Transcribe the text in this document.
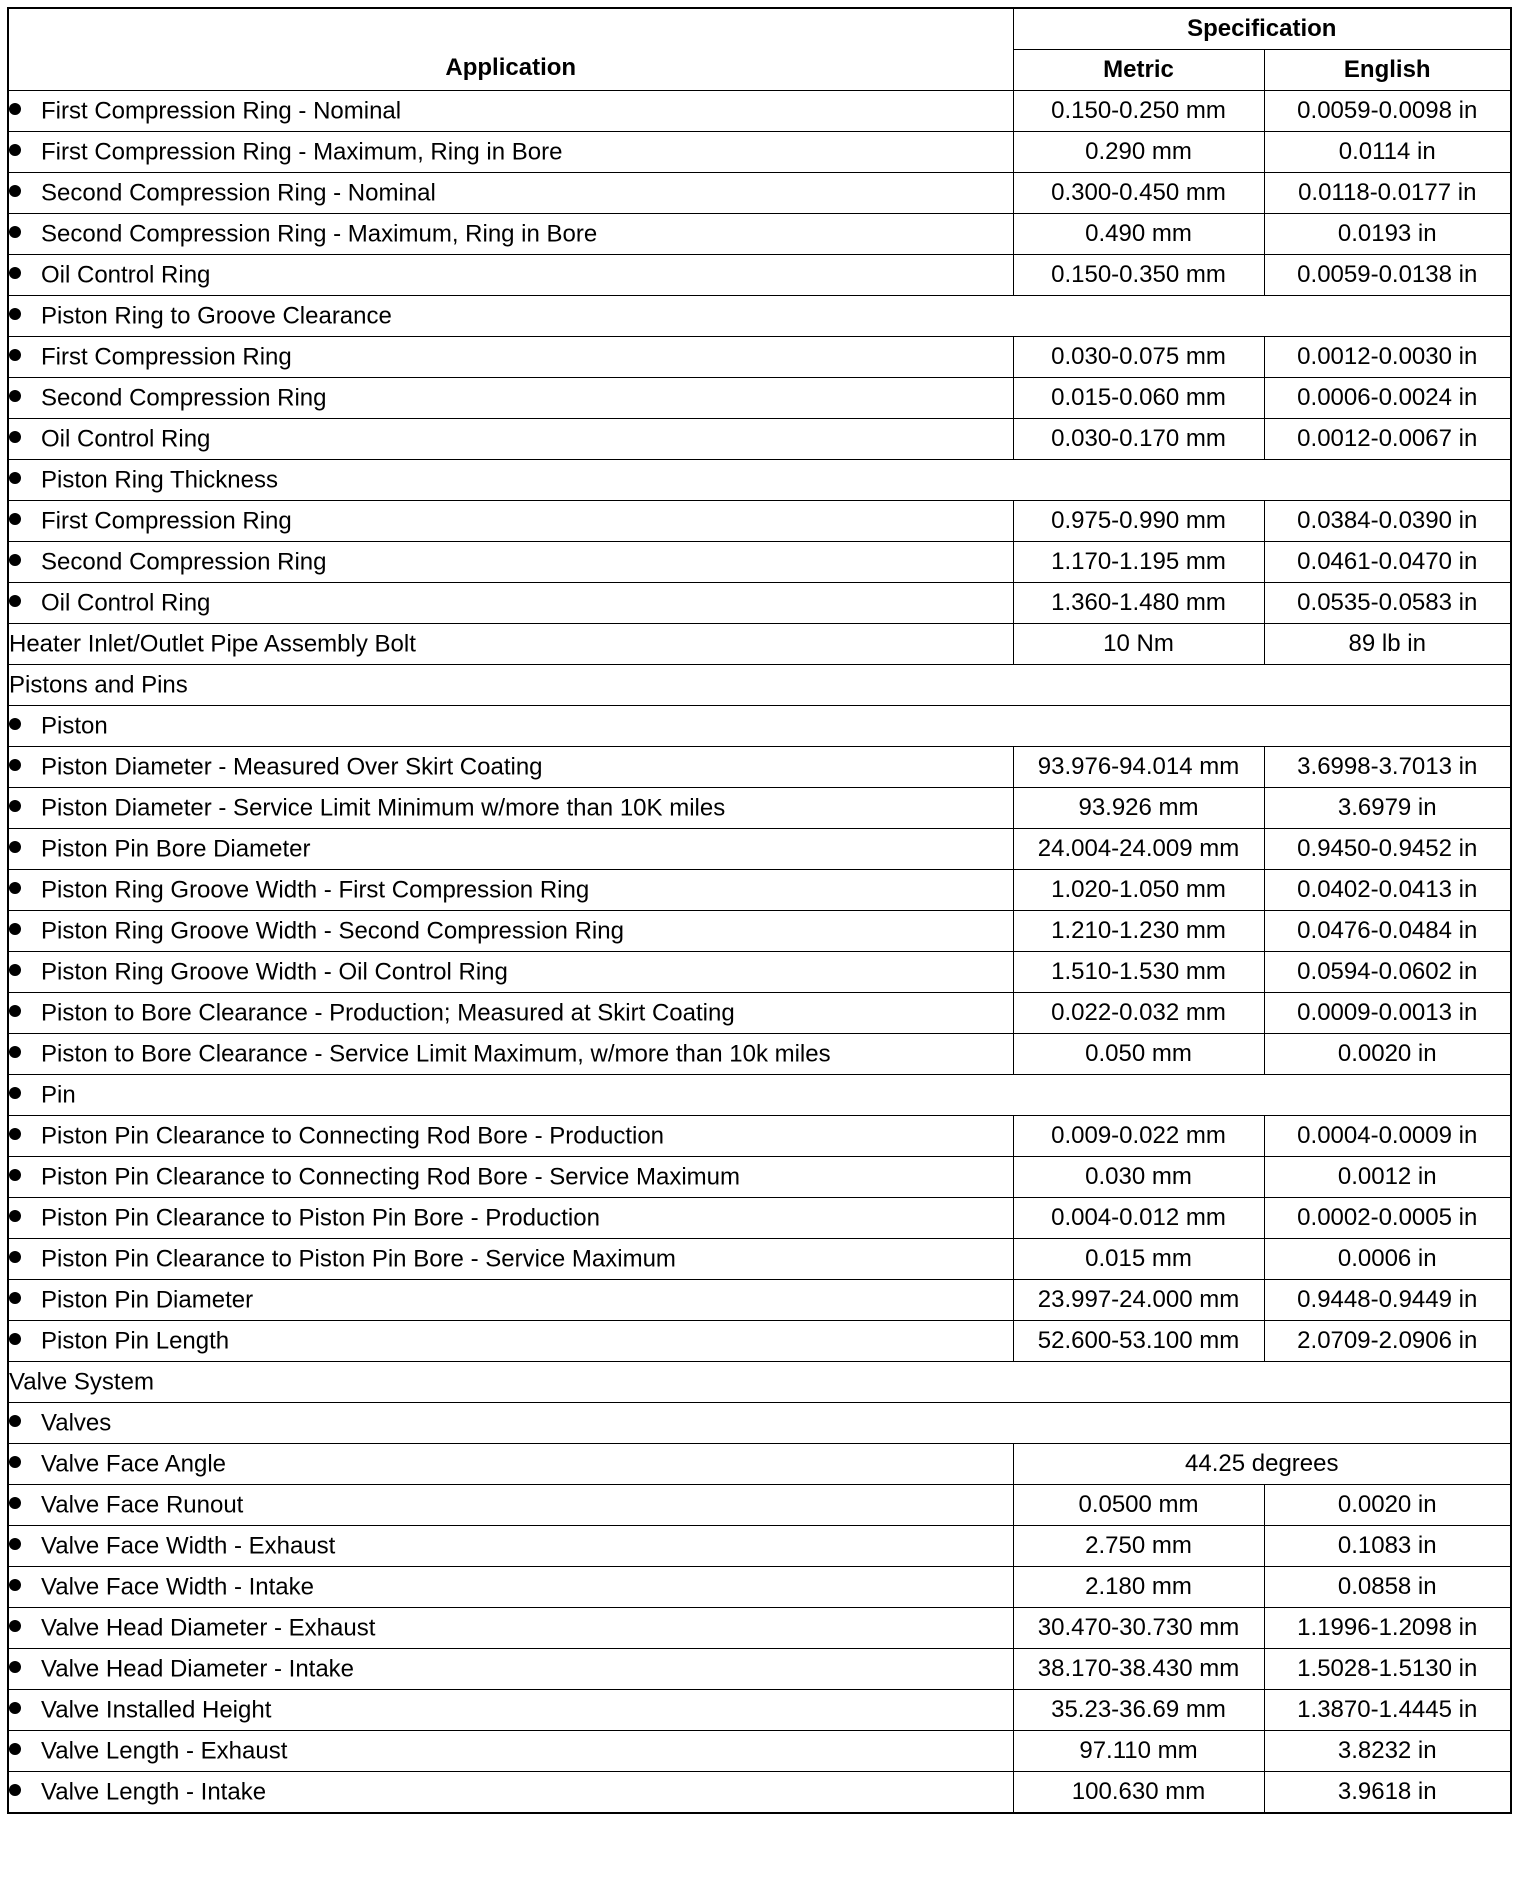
Application	Specification	
	Metric	English
First Compression Ring - Nominal	0.150-0.250 mm	0.0059-0.0098 in
First Compression Ring - Maximum, Ring in Bore	0.290 mm	0.0114 in
Second Compression Ring - Nominal	0.300-0.450 mm	0.0118-0.0177 in
Second Compression Ring - Maximum, Ring in Bore	0.490 mm	0.0193 in
Oil Control Ring	0.150-0.350 mm	0.0059-0.0138 in
Piston Ring to Groove Clearance		
First Compression Ring	0.030-0.075 mm	0.0012-0.0030 in
Second Compression Ring	0.015-0.060 mm	0.0006-0.0024 in
Oil Control Ring	0.030-0.170 mm	0.0012-0.0067 in
Piston Ring Thickness		
First Compression Ring	0.975-0.990 mm	0.0384-0.0390 in
Second Compression Ring	1.170-1.195 mm	0.0461-0.0470 in
Oil Control Ring	1.360-1.480 mm	0.0535-0.0583 in
Heater Inlet/Outlet Pipe Assembly Bolt	10 Nm	89 lb in
Pistons and Pins		
Piston		
Piston Diameter - Measured Over Skirt Coating	93.976-94.014 mm	3.6998-3.7013 in
Piston Diameter - Service Limit Minimum w/more than 10K miles	93.926 mm	3.6979 in
Piston Pin Bore Diameter	24.004-24.009 mm	0.9450-0.9452 in
Piston Ring Groove Width - First Compression Ring	1.020-1.050 mm	0.0402-0.0413 in
Piston Ring Groove Width - Second Compression Ring	1.210-1.230 mm	0.0476-0.0484 in
Piston Ring Groove Width - Oil Control Ring	1.510-1.530 mm	0.0594-0.0602 in
Piston to Bore Clearance - Production; Measured at Skirt Coating	0.022-0.032 mm	0.0009-0.0013 in
Piston to Bore Clearance - Service Limit Maximum, w/more than 10k miles	0.050 mm	0.0020 in
Pin		
Piston Pin Clearance to Connecting Rod Bore - Production	0.009-0.022 mm	0.0004-0.0009 in
Piston Pin Clearance to Connecting Rod Bore - Service Maximum	0.030 mm	0.0012 in
Piston Pin Clearance to Piston Pin Bore - Production	0.004-0.012 mm	0.0002-0.0005 in
Piston Pin Clearance to Piston Pin Bore - Service Maximum	0.015 mm	0.0006 in
Piston Pin Diameter	23.997-24.000 mm	0.9448-0.9449 in
Piston Pin Length	52.600-53.100 mm	2.0709-2.0906 in
Valve System		
Valves		
Valve Face Angle	44.25 degrees	
Valve Face Runout	0.0500 mm	0.0020 in
Valve Face Width - Exhaust	2.750 mm	0.1083 in
Valve Face Width - Intake	2.180 mm	0.0858 in
Valve Head Diameter - Exhaust	30.470-30.730 mm	1.1996-1.2098 in
Valve Head Diameter - Intake	38.170-38.430 mm	1.5028-1.5130 in
Valve Installed Height	35.23-36.69 mm	1.3870-1.4445 in
Valve Length - Exhaust	97.110 mm	3.8232 in
Valve Length - Intake	100.630 mm	3.9618 in
